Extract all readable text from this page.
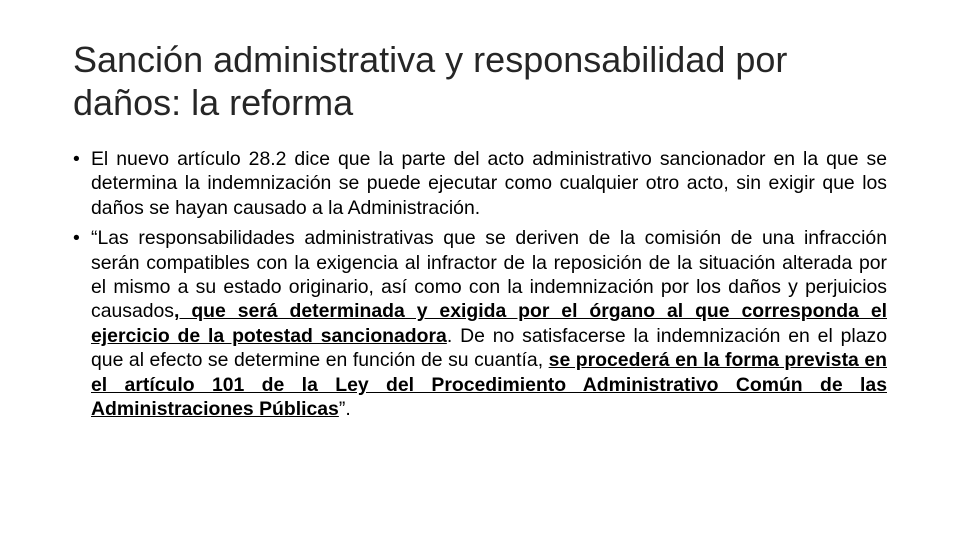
Sanción administrativa y responsabilidad por daños: la reforma
• El nuevo artículo 28.2 dice que la parte del acto administrativo sancionador en la que se determina la indemnización se puede ejecutar como cualquier otro acto, sin exigir que los daños se hayan causado a la Administración.
• “Las responsabilidades administrativas que se deriven de la comisión de una infracción serán compatibles con la exigencia al infractor de la reposición de la situación alterada por el mismo a su estado originario, así como con la indemnización por los daños y perjuicios causados, que será determinada y exigida por el órgano al que corresponda el ejercicio de la potestad sancionadora. De no satisfacerse la indemnización en el plazo que al efecto se determine en función de su cuantía, se procederá en la forma prevista en el artículo 101 de la Ley del Procedimiento Administrativo Común de las Administraciones Públicas”.
